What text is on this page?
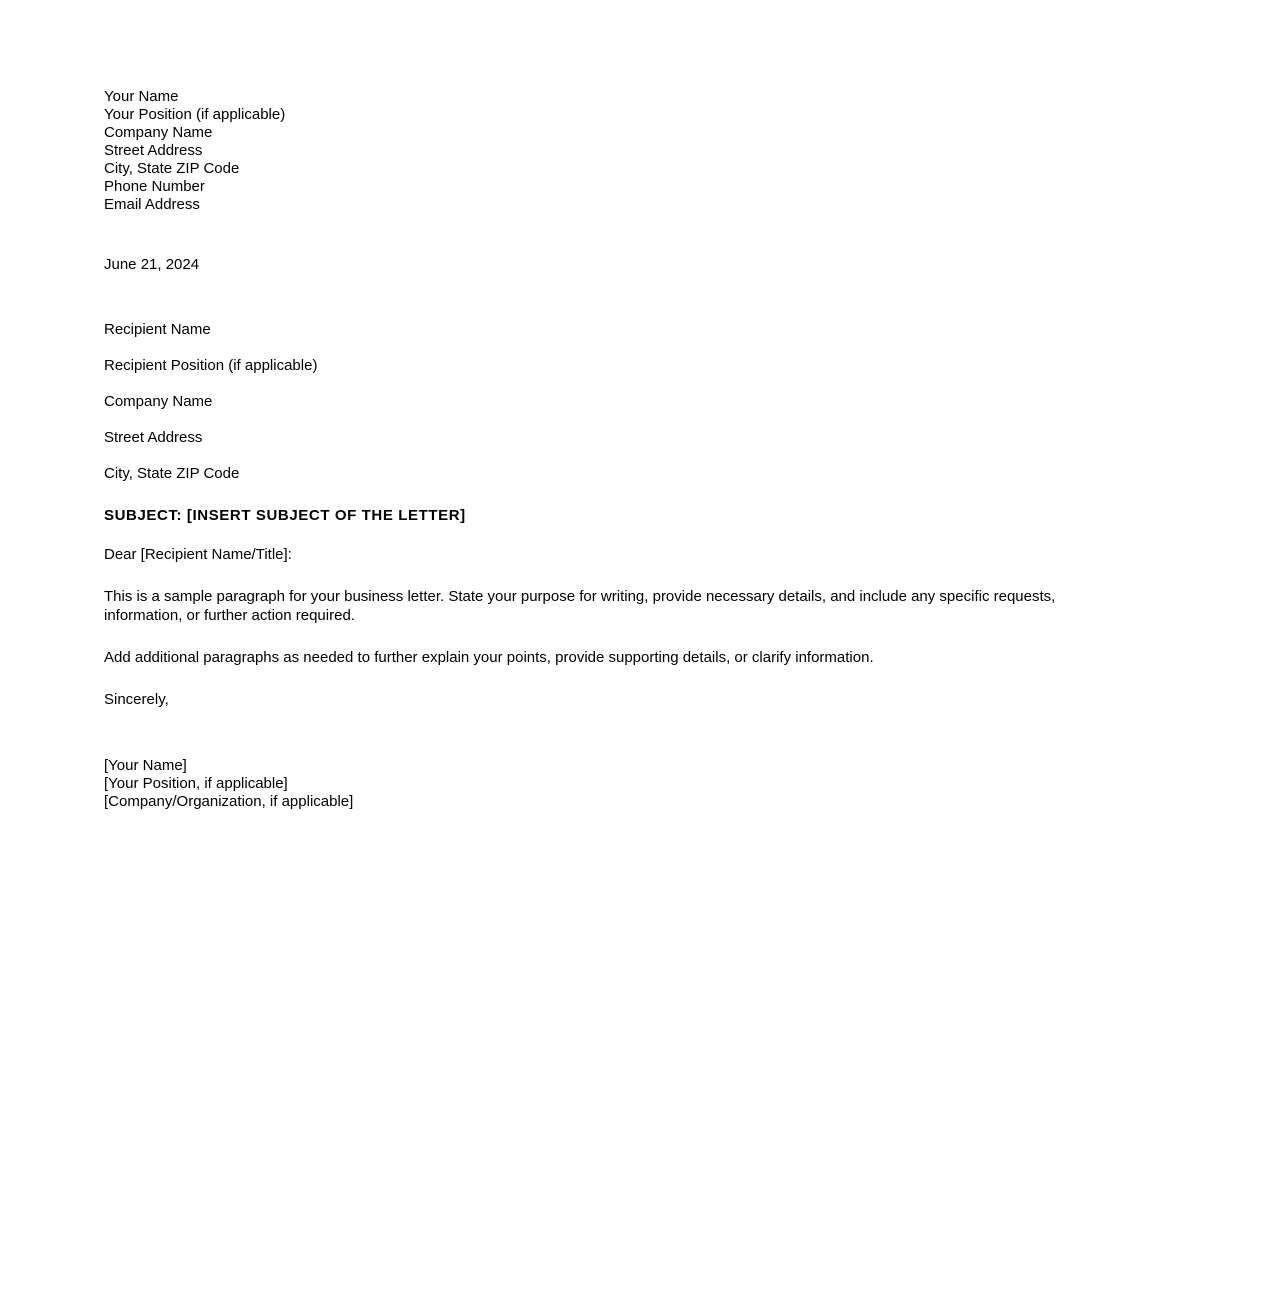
Your Name
Your Position (if applicable)
Company Name
Street Address
City, State ZIP Code
Phone Number
Email Address
June 21, 2024
Recipient Name
Recipient Position (if applicable)
Company Name
Street Address
City, State ZIP Code
SUBJECT: [INSERT SUBJECT OF THE LETTER]
Dear [Recipient Name/Title]:
This is a sample paragraph for your business letter. State your purpose for writing, provide necessary details, and include any specific requests, information, or further action required.
Add additional paragraphs as needed to further explain your points, provide supporting details, or clarify information.
Sincerely,
[Your Name]
[Your Position, if applicable]
[Company/Organization, if applicable]
